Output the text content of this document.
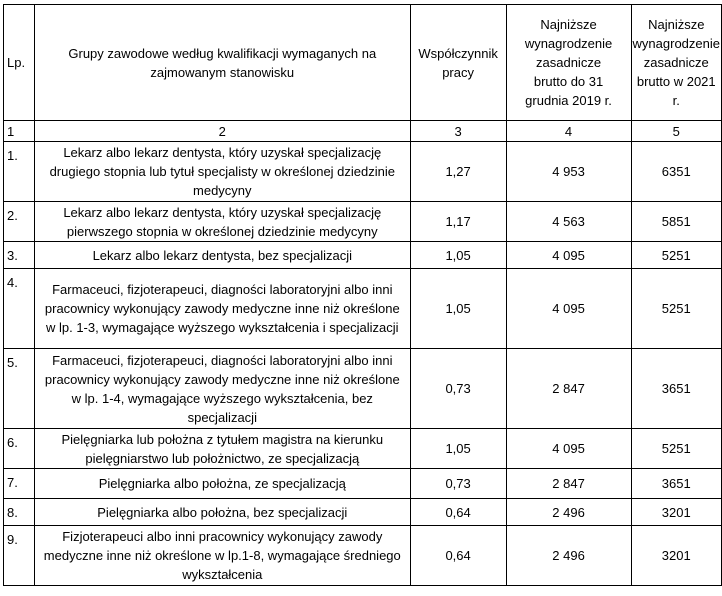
Lp.	Grupy zawodowe według kwalifikacji wymaganych na zajmowanym stanowisku	Współczynnik pracy	Najniższe wynagrodzenie zasadnicze brutto do 31 grudnia 2019 r.	Najniższe wynagrodzenie zasadnicze brutto w 2021 r.

1	2	3	4	5
1.	Lekarz albo lekarz dentysta, który uzyskał specjalizację drugiego stopnia lub tytuł specjalisty w określonej dziedzinie medycyny	1,27	4 953	6351
2.	Lekarz albo lekarz dentysta, który uzyskał specjalizację pierwszego stopnia w określonej dziedzinie medycyny	1,17	4 563	5851
3.	Lekarz albo lekarz dentysta, bez specjalizacji	1,05	4 095	5251
4.	Farmaceuci, fizjoterapeuci, diagności laboratoryjni albo inni pracownicy wykonujący zawody medyczne inne niż określone w lp. 1-3, wymagające wyższego wykształcenia i specjalizacji	1,05	4 095	5251
5.	Farmaceuci, fizjoterapeuci, diagności laboratoryjni albo inni pracownicy wykonujący zawody medyczne inne niż określone w lp. 1-4, wymagające wyższego wykształcenia, bez specjalizacji	0,73	2 847	3651
6.	Pielęgniarka lub położna z tytułem magistra na kierunku pielęgniarstwo lub położnictwo, ze specjalizacją	1,05	4 095	5251
7.	Pielęgniarka albo położna, ze specjalizacją	0,73	2 847	3651
8.	Pielęgniarka albo położna, bez specjalizacji	0,64	2 496	3201
9.	Fizjoterapeuci albo inni pracownicy wykonujący zawody medyczne inne niż określone w lp.1-8, wymagające średniego wykształcenia	0,64	2 496	3201
